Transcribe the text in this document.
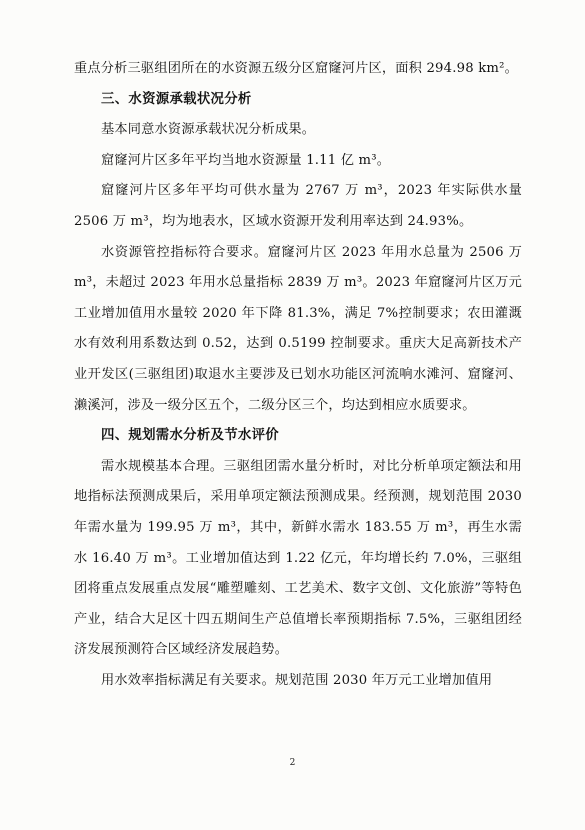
重点分析三驱组团所在的水资源五级分区窟窿河片区，面积 294.98 km²。

三、水资源承载状况分析

基本同意水资源承载状况分析成果。

窟窿河片区多年平均当地水资源量 1.11 亿 m³。

窟窿河片区多年平均可供水量为 2767 万 m³，2023 年实际供水量 2506 万 m³，均为地表水，区域水资源开发利用率达到 24.93%。

水资源管控指标符合要求。窟窿河片区 2023 年用水总量为 2506 万 m³，未超过 2023 年用水总量指标 2839 万 m³。2023 年窟窿河片区万元工业增加值用水量较 2020 年下降 81.3%，满足 7%控制要求；农田灌溉水有效利用系数达到 0.52，达到 0.5199 控制要求。重庆大足高新技术产业开发区(三驱组团)取退水主要涉及已划水功能区河流响水滩河、窟窿河、濑溪河，涉及一级分区五个，二级分区三个，均达到相应水质要求。

四、规划需水分析及节水评价

需水规模基本合理。三驱组团需水量分析时，对比分析单项定额法和用地指标法预测成果后，采用单项定额法预测成果。经预测，规划范围 2030 年需水量为 199.95 万 m³，其中，新鲜水需水 183.55 万 m³，再生水需水 16.40 万 m³。工业增加值达到 1.22 亿元，年均增长约 7.0%，三驱组团将重点发展重点发展“雕塑雕刻、工艺美术、数字文创、文化旅游”等特色产业，结合大足区十四五期间生产总值增长率预期指标 7.5%，三驱组团经济发展预测符合区域经济发展趋势。

用水效率指标满足有关要求。规划范围 2030 年万元工业增加值用

2
